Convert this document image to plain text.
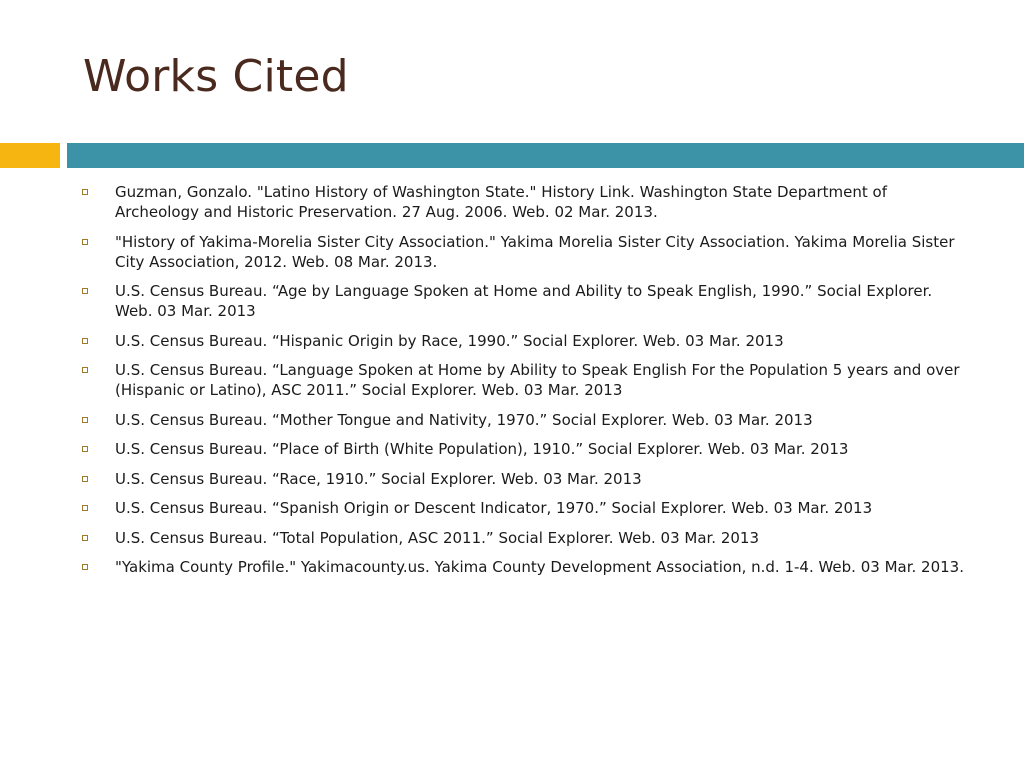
Works Cited
Guzman, Gonzalo. "Latino History of Washington State." History Link. Washington State Department of Archeology and Historic Preservation. 27 Aug. 2006. Web. 02 Mar. 2013.
"History of Yakima-Morelia Sister City Association." Yakima Morelia Sister City Association. Yakima Morelia Sister City Association, 2012. Web. 08 Mar. 2013.
U.S. Census Bureau. “Age by Language Spoken at Home and Ability to Speak English, 1990.” Social Explorer. Web. 03 Mar. 2013
U.S. Census Bureau. “Hispanic Origin by Race, 1990.” Social Explorer. Web. 03 Mar. 2013
U.S. Census Bureau. “Language Spoken at Home by Ability to Speak English For the Population 5 years and over (Hispanic or Latino), ASC 2011.” Social Explorer. Web. 03 Mar. 2013
U.S. Census Bureau. “Mother Tongue and Nativity, 1970.” Social Explorer. Web. 03 Mar. 2013
U.S. Census Bureau. “Place of Birth (White Population), 1910.” Social Explorer. Web. 03 Mar. 2013
U.S. Census Bureau. “Race, 1910.” Social Explorer. Web. 03 Mar. 2013
U.S. Census Bureau. “Spanish Origin or Descent Indicator, 1970.” Social Explorer. Web. 03 Mar. 2013
U.S. Census Bureau. “Total Population, ASC 2011.” Social Explorer. Web. 03 Mar. 2013
"Yakima County Profile." Yakimacounty.us. Yakima County Development Association, n.d. 1-4. Web. 03 Mar. 2013.
